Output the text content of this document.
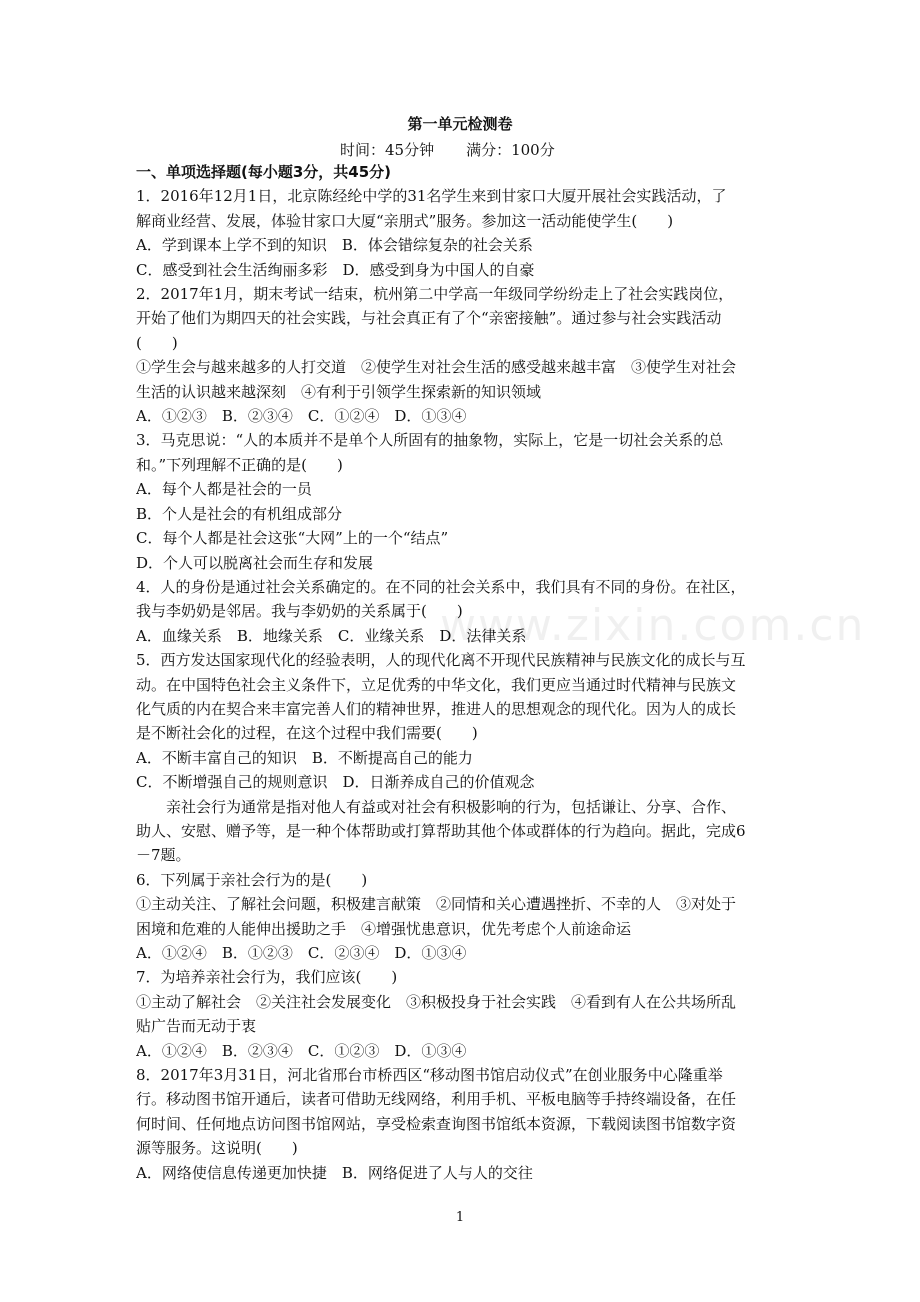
www.zixin.com.cn
第一单元检测卷
时间：45分钟 满分：100分

一、单项选择题(每小题3分，共45分)

1．2016年12月1日，北京陈经纶中学的31名学生来到甘家口大厦开展社会实践活动，了

解商业经营、发展，体验甘家口大厦“亲朋式”服务。参加这一活动能使学生(　　)

A．学到课本上学不到的知识　B．体会错综复杂的社会关系

C．感受到社会生活绚丽多彩　D．感受到身为中国人的自豪

2．2017年1月，期末考试一结束，杭州第二中学高一年级同学纷纷走上了社会实践岗位，

开始了他们为期四天的社会实践，与社会真正有了个“亲密接触”。通过参与社会实践活动

(　　)

①学生会与越来越多的人打交道　②使学生对社会生活的感受越来越丰富　③使学生对社会

生活的认识越来越深刻　④有利于引领学生探索新的知识领域

A．①②③　B．②③④　C．①②④　D．①③④

3．马克思说：“人的本质并不是单个人所固有的抽象物，实际上，它是一切社会关系的总

和。”下列理解不正确的是(　　)

A．每个人都是社会的一员

B．个人是社会的有机组成部分

C．每个人都是社会这张“大网”上的一个“结点”

D．个人可以脱离社会而生存和发展

4．人的身份是通过社会关系确定的。在不同的社会关系中，我们具有不同的身份。在社区，

我与李奶奶是邻居。我与李奶奶的关系属于(　　)

A．血缘关系　B．地缘关系　C．业缘关系　D．法律关系

5．西方发达国家现代化的经验表明，人的现代化离不开现代民族精神与民族文化的成长与互

动。在中国特色社会主义条件下，立足优秀的中华文化，我们更应当通过时代精神与民族文

化气质的内在契合来丰富完善人们的精神世界，推进人的思想观念的现代化。因为人的成长

是不断社会化的过程，在这个过程中我们需要(　　)

A．不断丰富自己的知识　B．不断提高自己的能力

C．不断增强自己的规则意识　D．日渐养成自己的价值观念

亲社会行为通常是指对他人有益或对社会有积极影响的行为，包括谦让、分享、合作、

助人、安慰、赠予等，是一种个体帮助或打算帮助其他个体或群体的行为趋向。据此，完成6

－7题。

6．下列属于亲社会行为的是(　　)

①主动关注、了解社会问题，积极建言献策　②同情和关心遭遇挫折、不幸的人　③对处于

困境和危难的人能伸出援助之手　④增强忧患意识，优先考虑个人前途命运

A．①②④　B．①②③　C．②③④　D．①③④

7．为培养亲社会行为，我们应该(　　)

①主动了解社会　②关注社会发展变化　③积极投身于社会实践　④看到有人在公共场所乱

贴广告而无动于衷

A．①②④　B．②③④　C．①②③　D．①③④

8．2017年3月31日，河北省邢台市桥西区“移动图书馆启动仪式”在创业服务中心隆重举

行。移动图书馆开通后，读者可借助无线网络，利用手机、平板电脑等手持终端设备，在任

何时间、任何地点访问图书馆网站，享受检索查询图书馆纸本资源，下载阅读图书馆数字资

源等服务。这说明(　　)

A．网络使信息传递更加快捷　B．网络促进了人与人的交往

1
